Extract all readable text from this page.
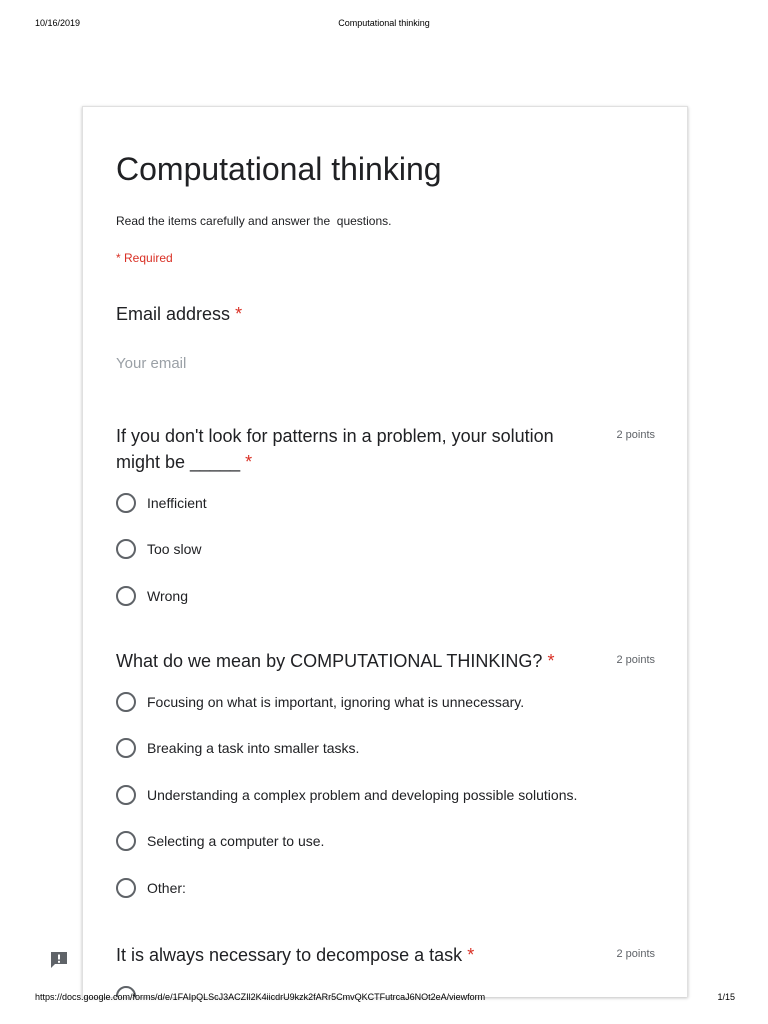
10/16/2019	Computational thinking
Computational thinking
Read the items carefully and answer the  questions.
* Required
Email address *
Your email
If you don't look for patterns in a problem, your solution might be _____ *
2 points
Inefficient
Too slow
Wrong
What do we mean by COMPUTATIONAL THINKING? *	2 points
Focusing on what is important, ignoring what is unnecessary.
Breaking a task into smaller tasks.
Understanding a complex problem and developing possible solutions.
Selecting a computer to use.
Other:
It is always necessary to decompose a task *	2 points
https://docs.google.com/forms/d/e/1FAIpQLScJ3ACZIl2K4iicdrU9kzk2fARr5CmvQKCTFutrcaJ6NOt2eA/viewform	1/15
